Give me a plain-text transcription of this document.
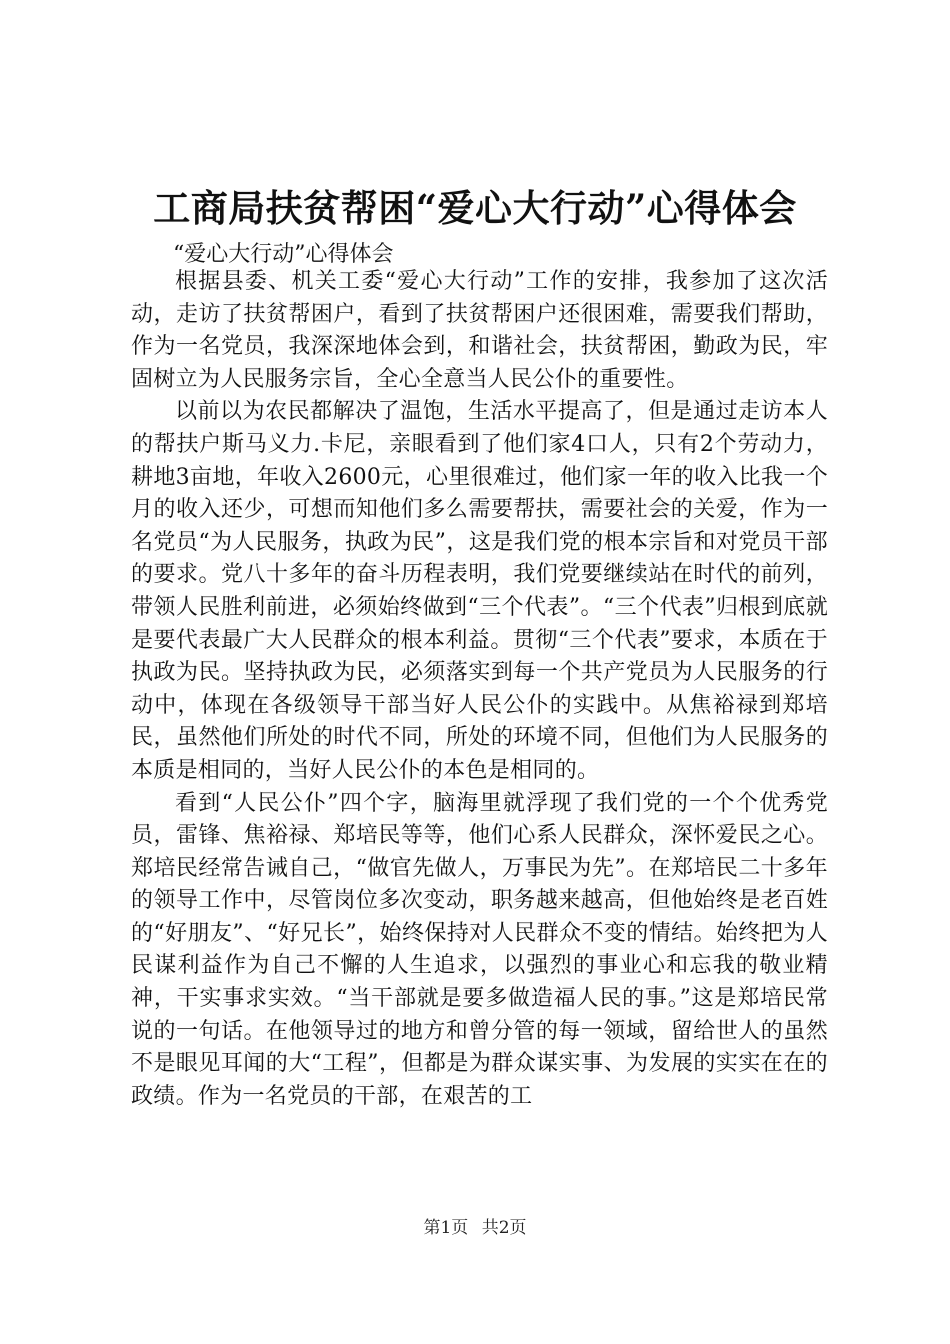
工商局扶贫帮困“爱心大行动”心得体会

“爱心大行动”心得体会

根据县委、机关工委“爱心大行动”工作的安排，我参加了这次活动，走访了扶贫帮困户，看到了扶贫帮困户还很困难，需要我们帮助，作为一名党员，我深深地体会到，和谐社会，扶贫帮困，勤政为民，牢固树立为人民服务宗旨，全心全意当人民公仆的重要性。

以前以为农民都解决了温饱，生活水平提高了，但是通过走访本人的帮扶户斯马义力.卡尼，亲眼看到了他们家4口人，只有2个劳动力，耕地3亩地，年收入2600元，心里很难过，他们家一年的收入比我一个月的收入还少，可想而知他们多么需要帮扶，需要社会的关爱，作为一名党员“为人民服务，执政为民”，这是我们党的根本宗旨和对党员干部的要求。党八十多年的奋斗历程表明，我们党要继续站在时代的前列，带领人民胜利前进，必须始终做到“三个代表”。“三个代表”归根到底就是要代表最广大人民群众的根本利益。贯彻“三个代表”要求，本质在于执政为民。坚持执政为民，必须落实到每一个共产党员为人民服务的行动中，体现在各级领导干部当好人民公仆的实践中。从焦裕禄到郑培民，虽然他们所处的时代不同，所处的环境不同，但他们为人民服务的本质是相同的，当好人民公仆的本色是相同的。

看到“人民公仆”四个字，脑海里就浮现了我们党的一个个优秀党员，雷锋、焦裕禄、郑培民等等，他们心系人民群众，深怀爱民之心。郑培民经常告诫自己，“做官先做人，万事民为先”。在郑培民二十多年的领导工作中，尽管岗位多次变动，职务越来越高，但他始终是老百姓的“好朋友”、“好兄长”，始终保持对人民群众不变的情结。始终把为人民谋利益作为自己不懈的人生追求，以强烈的事业心和忘我的敬业精神，干实事求实效。“当干部就是要多做造福人民的事。”这是郑培民常说的一句话。在他领导过的地方和曾分管的每一领域，留给世人的虽然不是眼见耳闻的大“工程”，但都是为群众谋实事、为发展的实实在在的政绩。作为一名党员的干部，在艰苦的工

第1页 共2页
